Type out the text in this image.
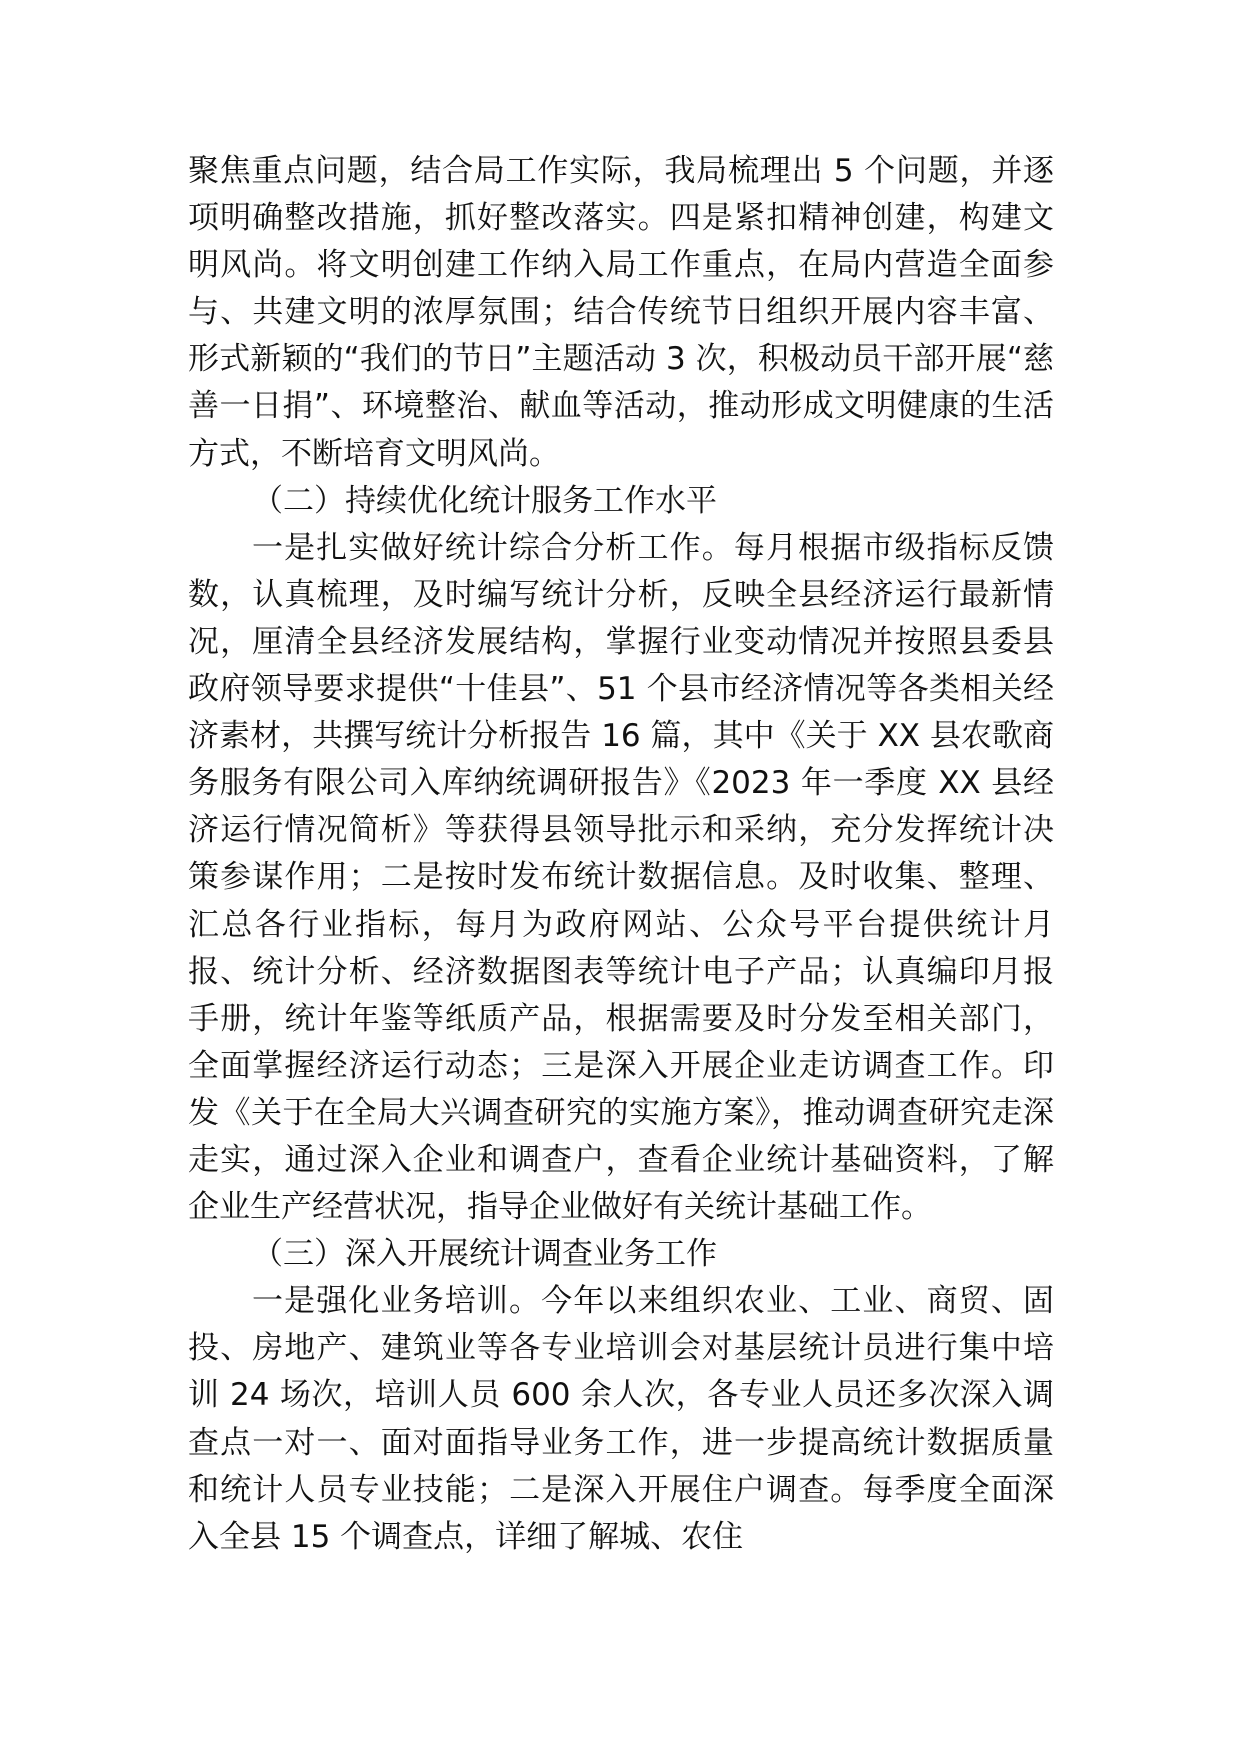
聚焦重点问题，结合局工作实际，我局梳理出 5 个问题，并逐项明确整改措施，抓好整改落实。四是紧扣精神创建，构建文明风尚。将文明创建工作纳入局工作重点，在局内营造全面参与、共建文明的浓厚氛围；结合传统节日组织开展内容丰富、形式新颖的“我们的节日”主题活动 3 次，积极动员干部开展“慈善一日捐”、环境整治、献血等活动，推动形成文明健康的生活方式，不断培育文明风尚。

（二）持续优化统计服务工作水平

一是扎实做好统计综合分析工作。每月根据市级指标反馈数，认真梳理，及时编写统计分析，反映全县经济运行最新情况，厘清全县经济发展结构，掌握行业变动情况并按照县委县政府领导要求提供“十佳县”、51 个县市经济情况等各类相关经济素材，共撰写统计分析报告 16 篇，其中《关于 XX 县农歌商务服务有限公司入库纳统调研报告》《2023 年一季度 XX 县经济运行情况简析》等获得县领导批示和采纳，充分发挥统计决策参谋作用；二是按时发布统计数据信息。及时收集、整理、汇总各行业指标，每月为政府网站、公众号平台提供统计月报、统计分析、经济数据图表等统计电子产品；认真编印月报手册，统计年鉴等纸质产品，根据需要及时分发至相关部门，全面掌握经济运行动态；三是深入开展企业走访调查工作。印发《关于在全局大兴调查研究的实施方案》，推动调查研究走深走实，通过深入企业和调查户，查看企业统计基础资料，了解企业生产经营状况，指导企业做好有关统计基础工作。

（三）深入开展统计调查业务工作

一是强化业务培训。今年以来组织农业、工业、商贸、固投、房地产、建筑业等各专业培训会对基层统计员进行集中培训 24 场次，培训人员 600 余人次，各专业人员还多次深入调查点一对一、面对面指导业务工作，进一步提高统计数据质量和统计人员专业技能；二是深入开展住户调查。每季度全面深入全县 15 个调查点，详细了解城、农住
